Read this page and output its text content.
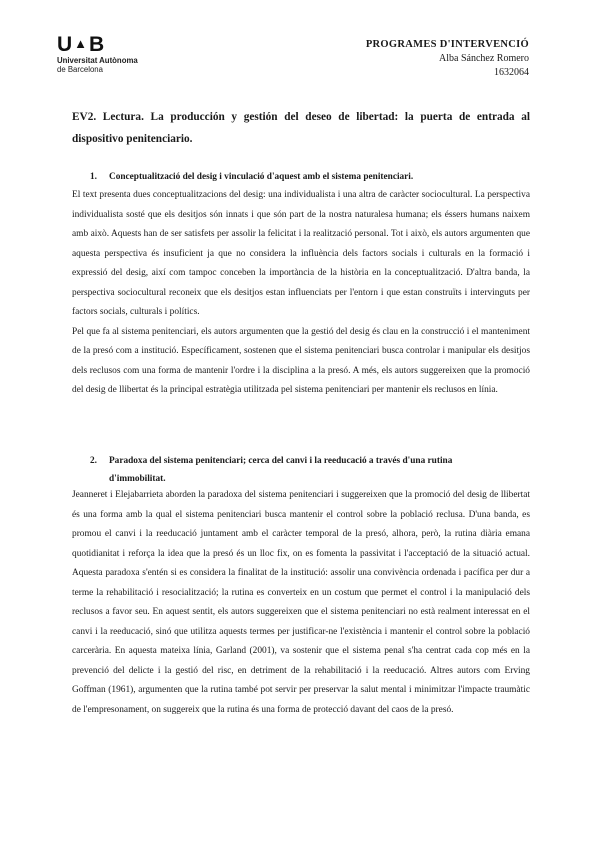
U▲B
Universitat Autònoma
de Barcelona
PROGRAMES D'INTERVENCIÓ
Alba Sánchez Romero
1632064
EV2. Lectura. La producción y gestión del deseo de libertad: la puerta de entrada al dispositivo penitenciario.
1. Conceptualització del desig i vinculació d'aquest amb el sistema penitenciari.

El text presenta dues conceptualitzacions del desig: una individualista i una altra de caràcter sociocultural. La perspectiva individualista sosté que els desitjos són innats i que són part de la nostra naturalesa humana; els éssers humans naixem amb això. Aquests han de ser satisfets per assolir la felicitat i la realització personal. Tot i això, els autors argumenten que aquesta perspectiva és insuficient ja que no considera la influència dels factors socials i culturals en la formació i expressió del desig, així com tampoc conceben la importància de la història en la conceptualització. D'altra banda, la perspectiva sociocultural reconeix que els desitjos estan influenciats per l'entorn i que estan construïts i intervinguts per factors socials, culturals i polítics.

Pel que fa al sistema penitenciari, els autors argumenten que la gestió del desig és clau en la construcció i el manteniment de la presó com a institució. Específicament, sostenen que el sistema penitenciari busca controlar i manipular els desitjos dels reclusos com una forma de mantenir l'ordre i la disciplina a la presó. A més, els autors suggereixen que la promoció del desig de llibertat és la principal estratègia utilitzada pel sistema penitenciari per mantenir els reclusos en línia.

2. Paradoxa del sistema penitenciari; cerca del canvi i la reeducació a través d'una rutina
d'immobilitat.

Jeanneret i Elejabarrieta aborden la paradoxa del sistema penitenciari i suggereixen que la promoció del desig de llibertat és una forma amb la qual el sistema penitenciari busca mantenir el control sobre la població reclusa. D'una banda, es promou el canvi i la reeducació juntament amb el caràcter temporal de la presó, alhora, però, la rutina diària emana quotidianitat i reforça la idea que la presó és un lloc fix, on es fomenta la passivitat i l'acceptació de la situació actual. Aquesta paradoxa s'entén si es considera la finalitat de la institució: assolir una convivència ordenada i pacífica per dur a terme la rehabilitació i resocialització; la rutina es converteix en un costum que permet el control i la manipulació dels reclusos a favor seu. En aquest sentit, els autors suggereixen que el sistema penitenciari no està realment interessat en el canvi i la reeducació, sinó que utilitza aquests termes per justificar-ne l'existència i mantenir el control sobre la població carcerària. En aquesta mateixa línia, Garland (2001), va sostenir que el sistema penal s'ha centrat cada cop més en la prevenció del delicte i la gestió del risc, en detriment de la rehabilitació i la reeducació. Altres autors com Erving Goffman (1961), argumenten que la rutina també pot servir per preservar la salut mental i minimitzar l'impacte traumàtic de l'empresonament, on suggereix que la rutina és una forma de protecció davant del caos de la presó.
